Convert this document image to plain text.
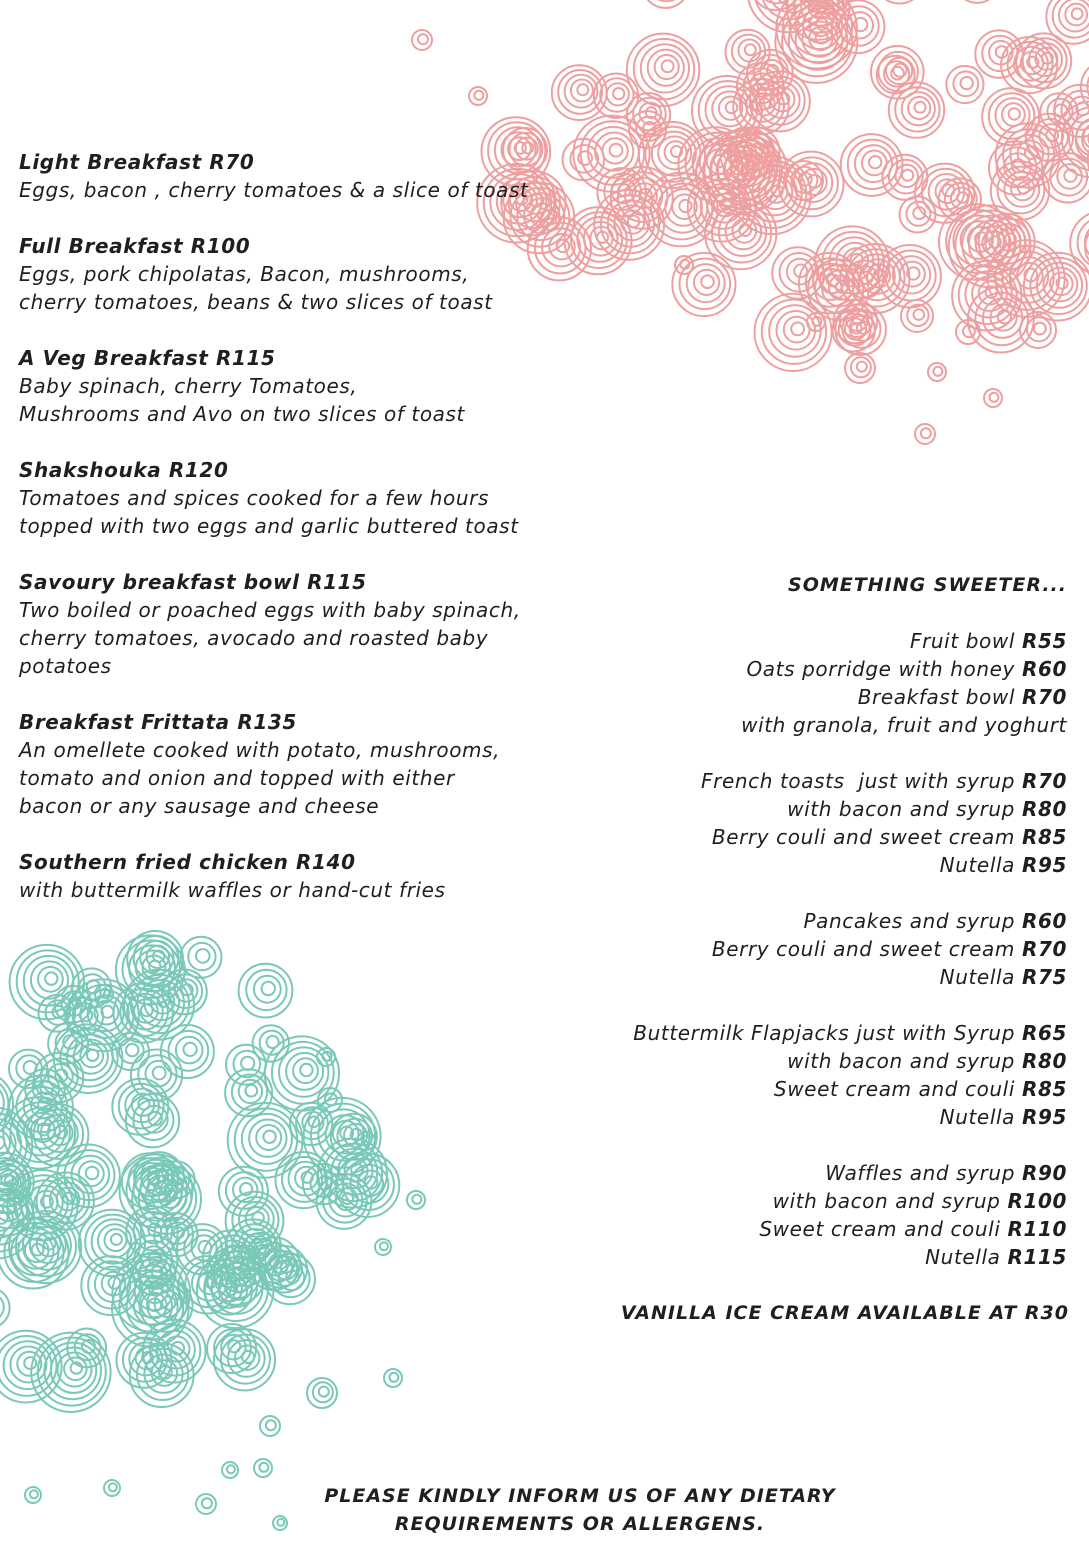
Light Breakfast R70
Eggs, bacon , cherry tomatoes & a slice of toast
Full Breakfast R100
Eggs, pork chipolatas, Bacon, mushrooms,
cherry tomatoes, beans & two slices of toast
A Veg Breakfast R115
Baby spinach, cherry Tomatoes,
Mushrooms and Avo on two slices of toast
Shakshouka R120
Tomatoes and spices cooked for a few hours
topped with two eggs and garlic buttered toast
Savoury breakfast bowl R115
Two boiled or poached eggs with baby spinach,
cherry tomatoes, avocado and roasted baby
potatoes
Breakfast Frittata R135
An omellete cooked with potato, mushrooms,
tomato and onion and topped with either
bacon or any sausage and cheese
Southern fried chicken R140
with buttermilk waffles or hand-cut fries
SOMETHING SWEETER...
Fruit bowl R55
Oats porridge with honey R60
Breakfast bowl R70
with granola, fruit and yoghurt
French toasts  just with syrup R70
with bacon and syrup R80
Berry couli and sweet cream R85
Nutella R95
Pancakes and syrup R60
Berry couli and sweet cream R70
Nutella R75
Buttermilk Flapjacks just with Syrup R65
with bacon and syrup R80
Sweet cream and couli R85
Nutella R95
Waffles and syrup R90
with bacon and syrup R100
Sweet cream and couli R110
Nutella R115
VANILLA ICE CREAM AVAILABLE AT R30
PLEASE KINDLY INFORM US OF ANY DIETARY
REQUIREMENTS OR ALLERGENS.
